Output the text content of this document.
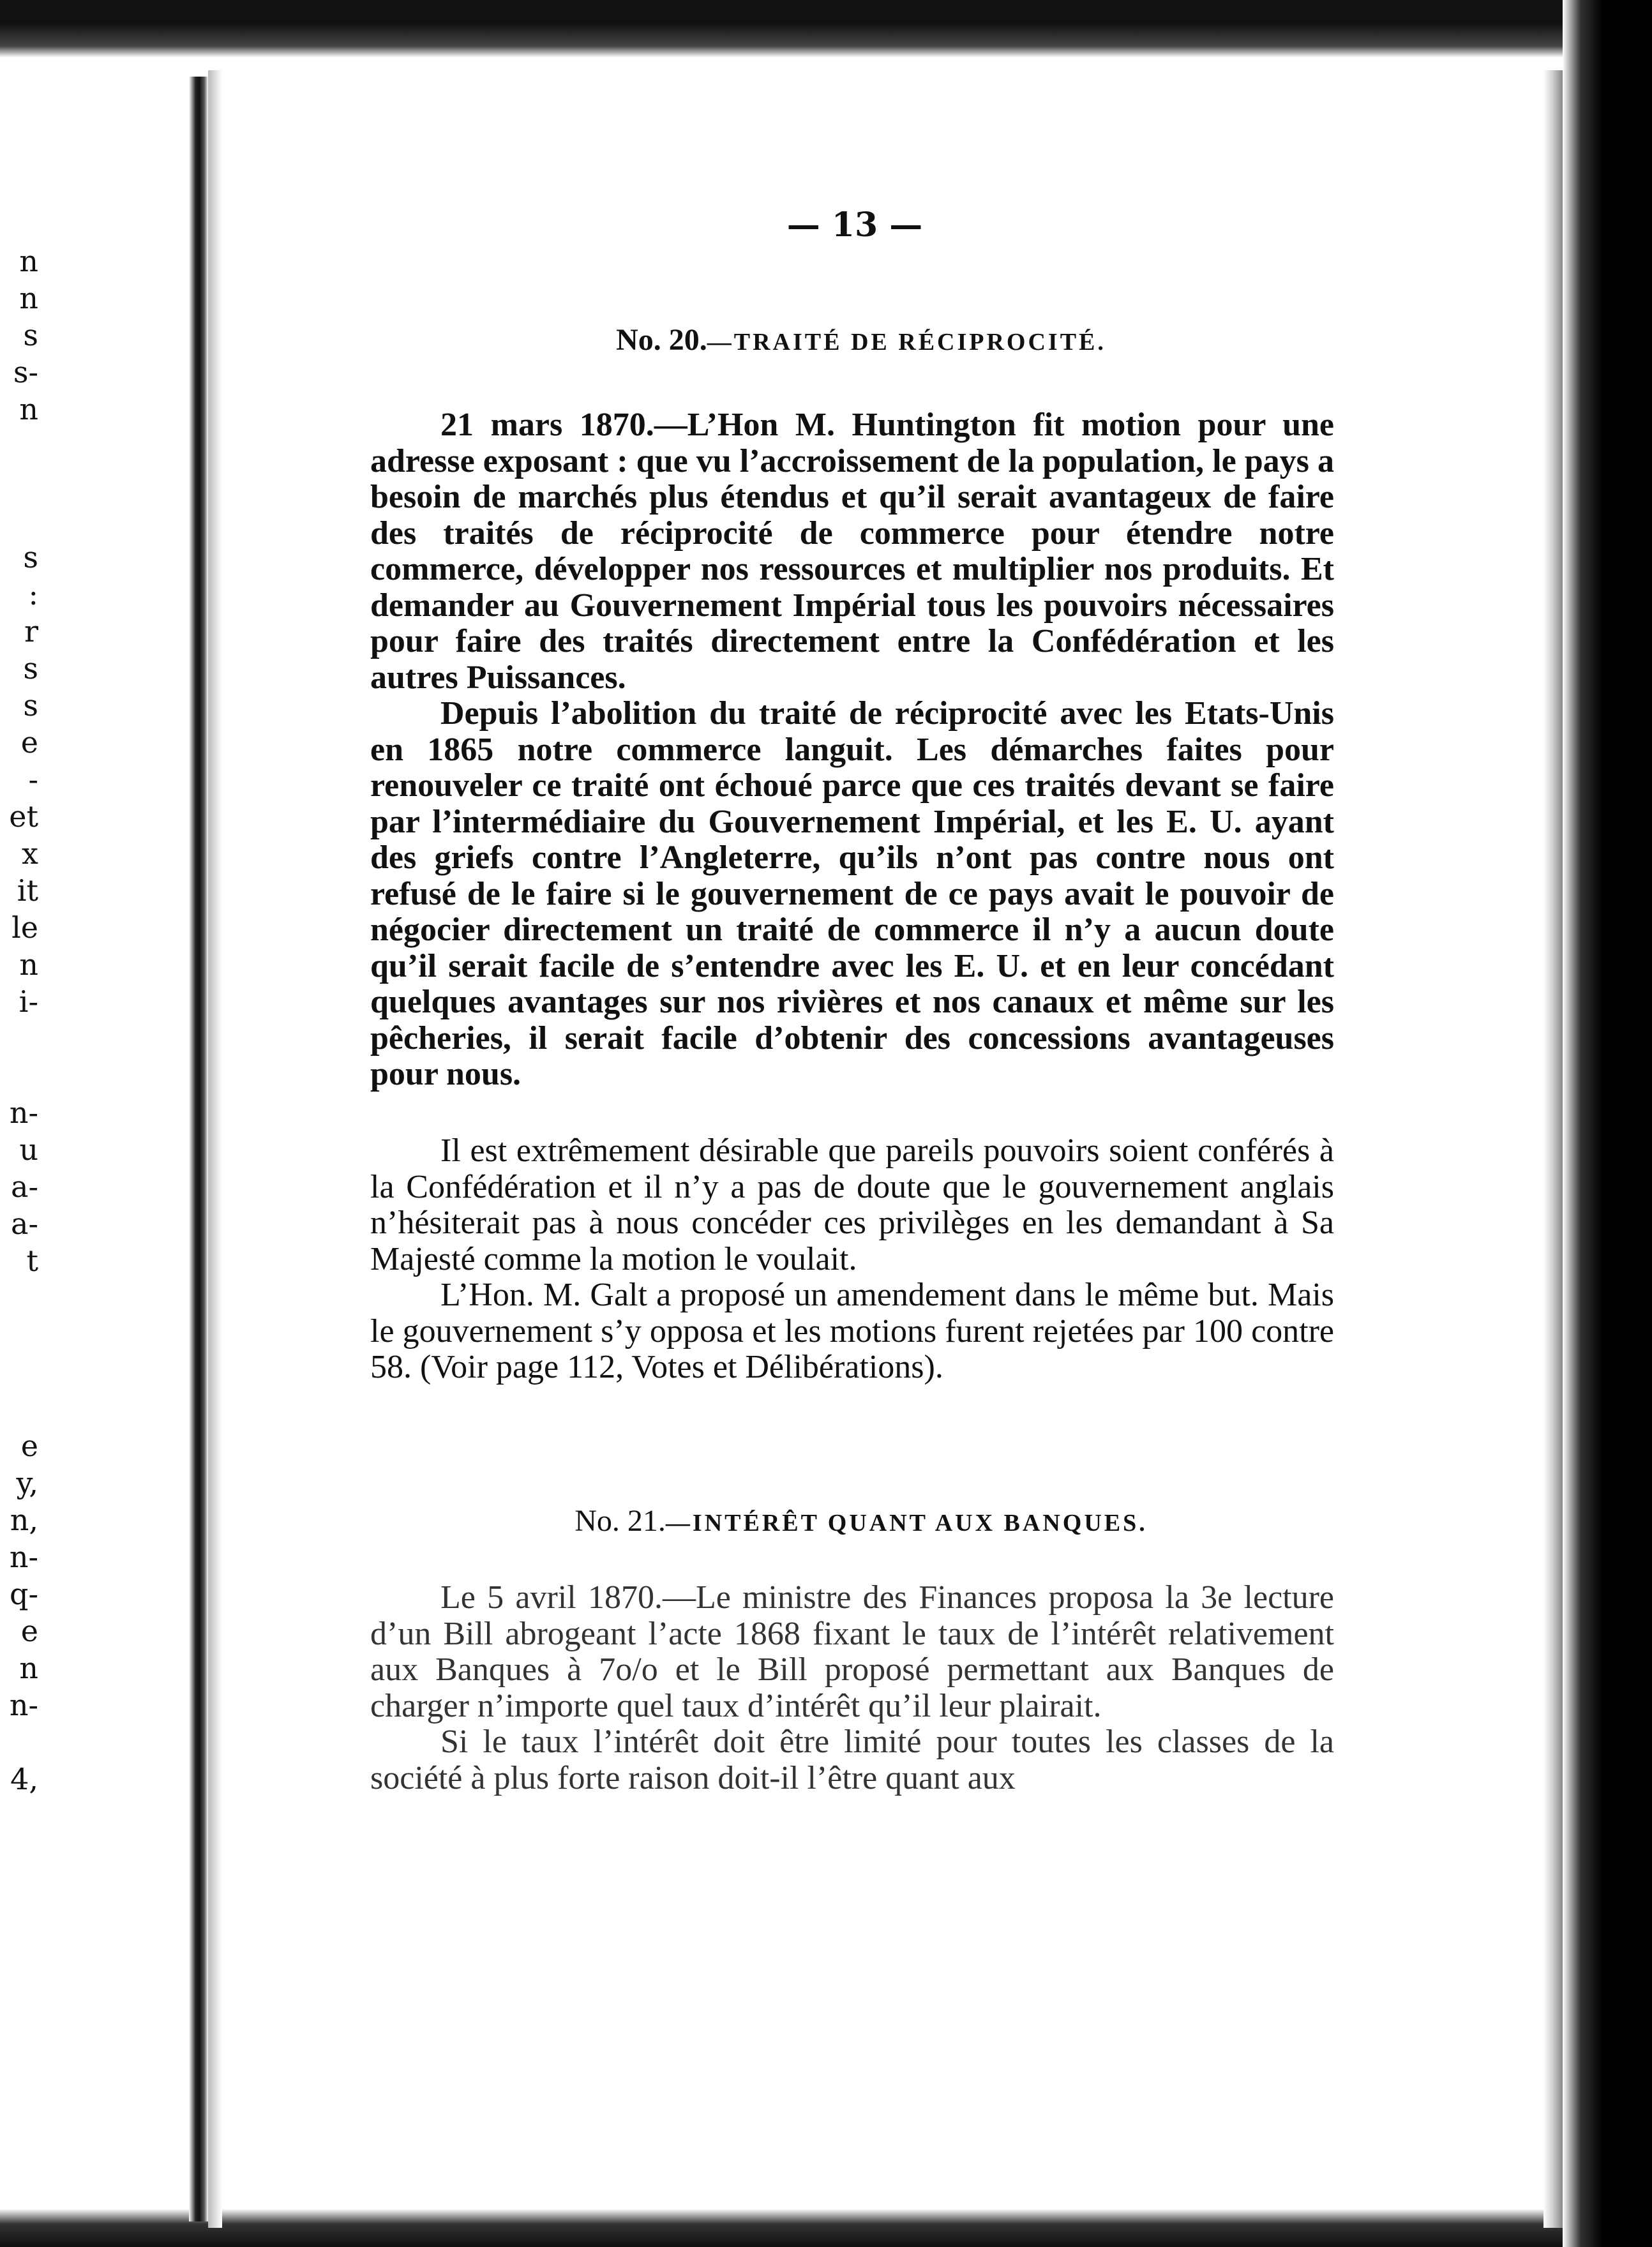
n
n
s
s-
n
s
:
r
s
s
e
-
et
x
it
le
n
i-
n-
u
a-
a-
t
e
y,
n,
n-
q-
e
n
n-
4,
— 13 —
No. 20.—TRAITÉ DE RÉCIPROCITÉ.

21 mars 1870.—L’Hon M. Huntington fit motion pour une adresse exposant : que vu l’accroissement de la population, le pays a besoin de marchés plus étendus et qu’il serait avantageux de faire des traités de réciprocité de commerce pour étendre notre commerce, développer nos ressources et multiplier nos produits. Et demander au Gouvernement Impérial tous les pouvoirs nécessaires pour faire des traités directement entre la Confédération et les autres Puissances.

Depuis l’abolition du traité de réciprocité avec les Etats-Unis en 1865 notre commerce languit. Les démarches faites pour renouveler ce traité ont échoué parce que ces traités devant se faire par l’intermédiaire du Gouvernement Impérial, et les E. U. ayant des griefs contre l’Angleterre, qu’ils n’ont pas contre nous ont refusé de le faire si le gouvernement de ce pays avait le pouvoir de négocier directement un traité de commerce il n’y a aucun doute qu’il serait facile de s’entendre avec les E. U. et en leur concédant quelques avantages sur nos rivières et nos canaux et même sur les pêcheries, il serait facile d’obtenir des concessions avantageuses pour nous.

Il est extrêmement désirable que pareils pouvoirs soient conférés à la Confédération et il n’y a pas de doute que le gouvernement anglais n’hésiterait pas à nous concéder ces privilèges en les demandant à Sa Majesté comme la motion le voulait.

L’Hon. M. Galt a proposé un amendement dans le même but. Mais le gouvernement s’y opposa et les motions furent rejetées par 100 contre 58. (Voir page 112, Votes et Délibérations).

No. 21.—INTÉRÊT QUANT AUX BANQUES.

Le 5 avril 1870.—Le ministre des Finances proposa la 3e lecture d’un Bill abrogeant l’acte 1868 fixant le taux de l’intérêt relativement aux Banques à 7o/o et le Bill proposé permettant aux Banques de charger n’importe quel taux d’intérêt qu’il leur plairait.

Si le taux l’intérêt doit être limité pour toutes les classes de la société à plus forte raison doit-il l’être quant aux
